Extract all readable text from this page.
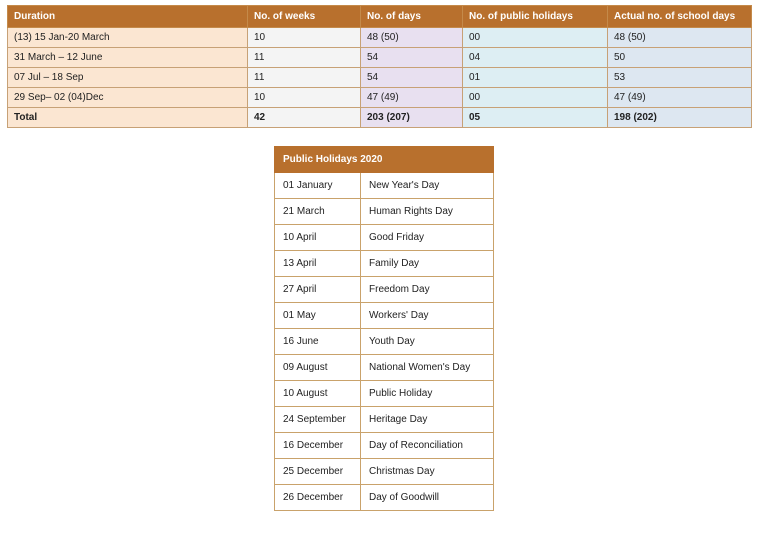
Duration	No. of weeks	No. of days	No. of public holidays	Actual no. of school days
(13) 15 Jan-20 March	10	48 (50)	00	48 (50)
31 March – 12 June	11	54	04	50
07 Jul – 18 Sep	11	54	01	53
29 Sep– 02 (04)Dec	10	47 (49)	00	47 (49)
Total	42	203 (207)	05	198 (202)
Public Holidays 2020	
01 January	New Year's Day
21 March	Human Rights Day
10 April	Good Friday
13 April	Family Day
27 April	Freedom Day
01 May	Workers' Day
16 June	Youth Day
09 August	National Women's Day
10 August	Public Holiday
24 September	Heritage Day
16 December	Day of Reconciliation
25 December	Christmas Day
26 December	Day of Goodwill
